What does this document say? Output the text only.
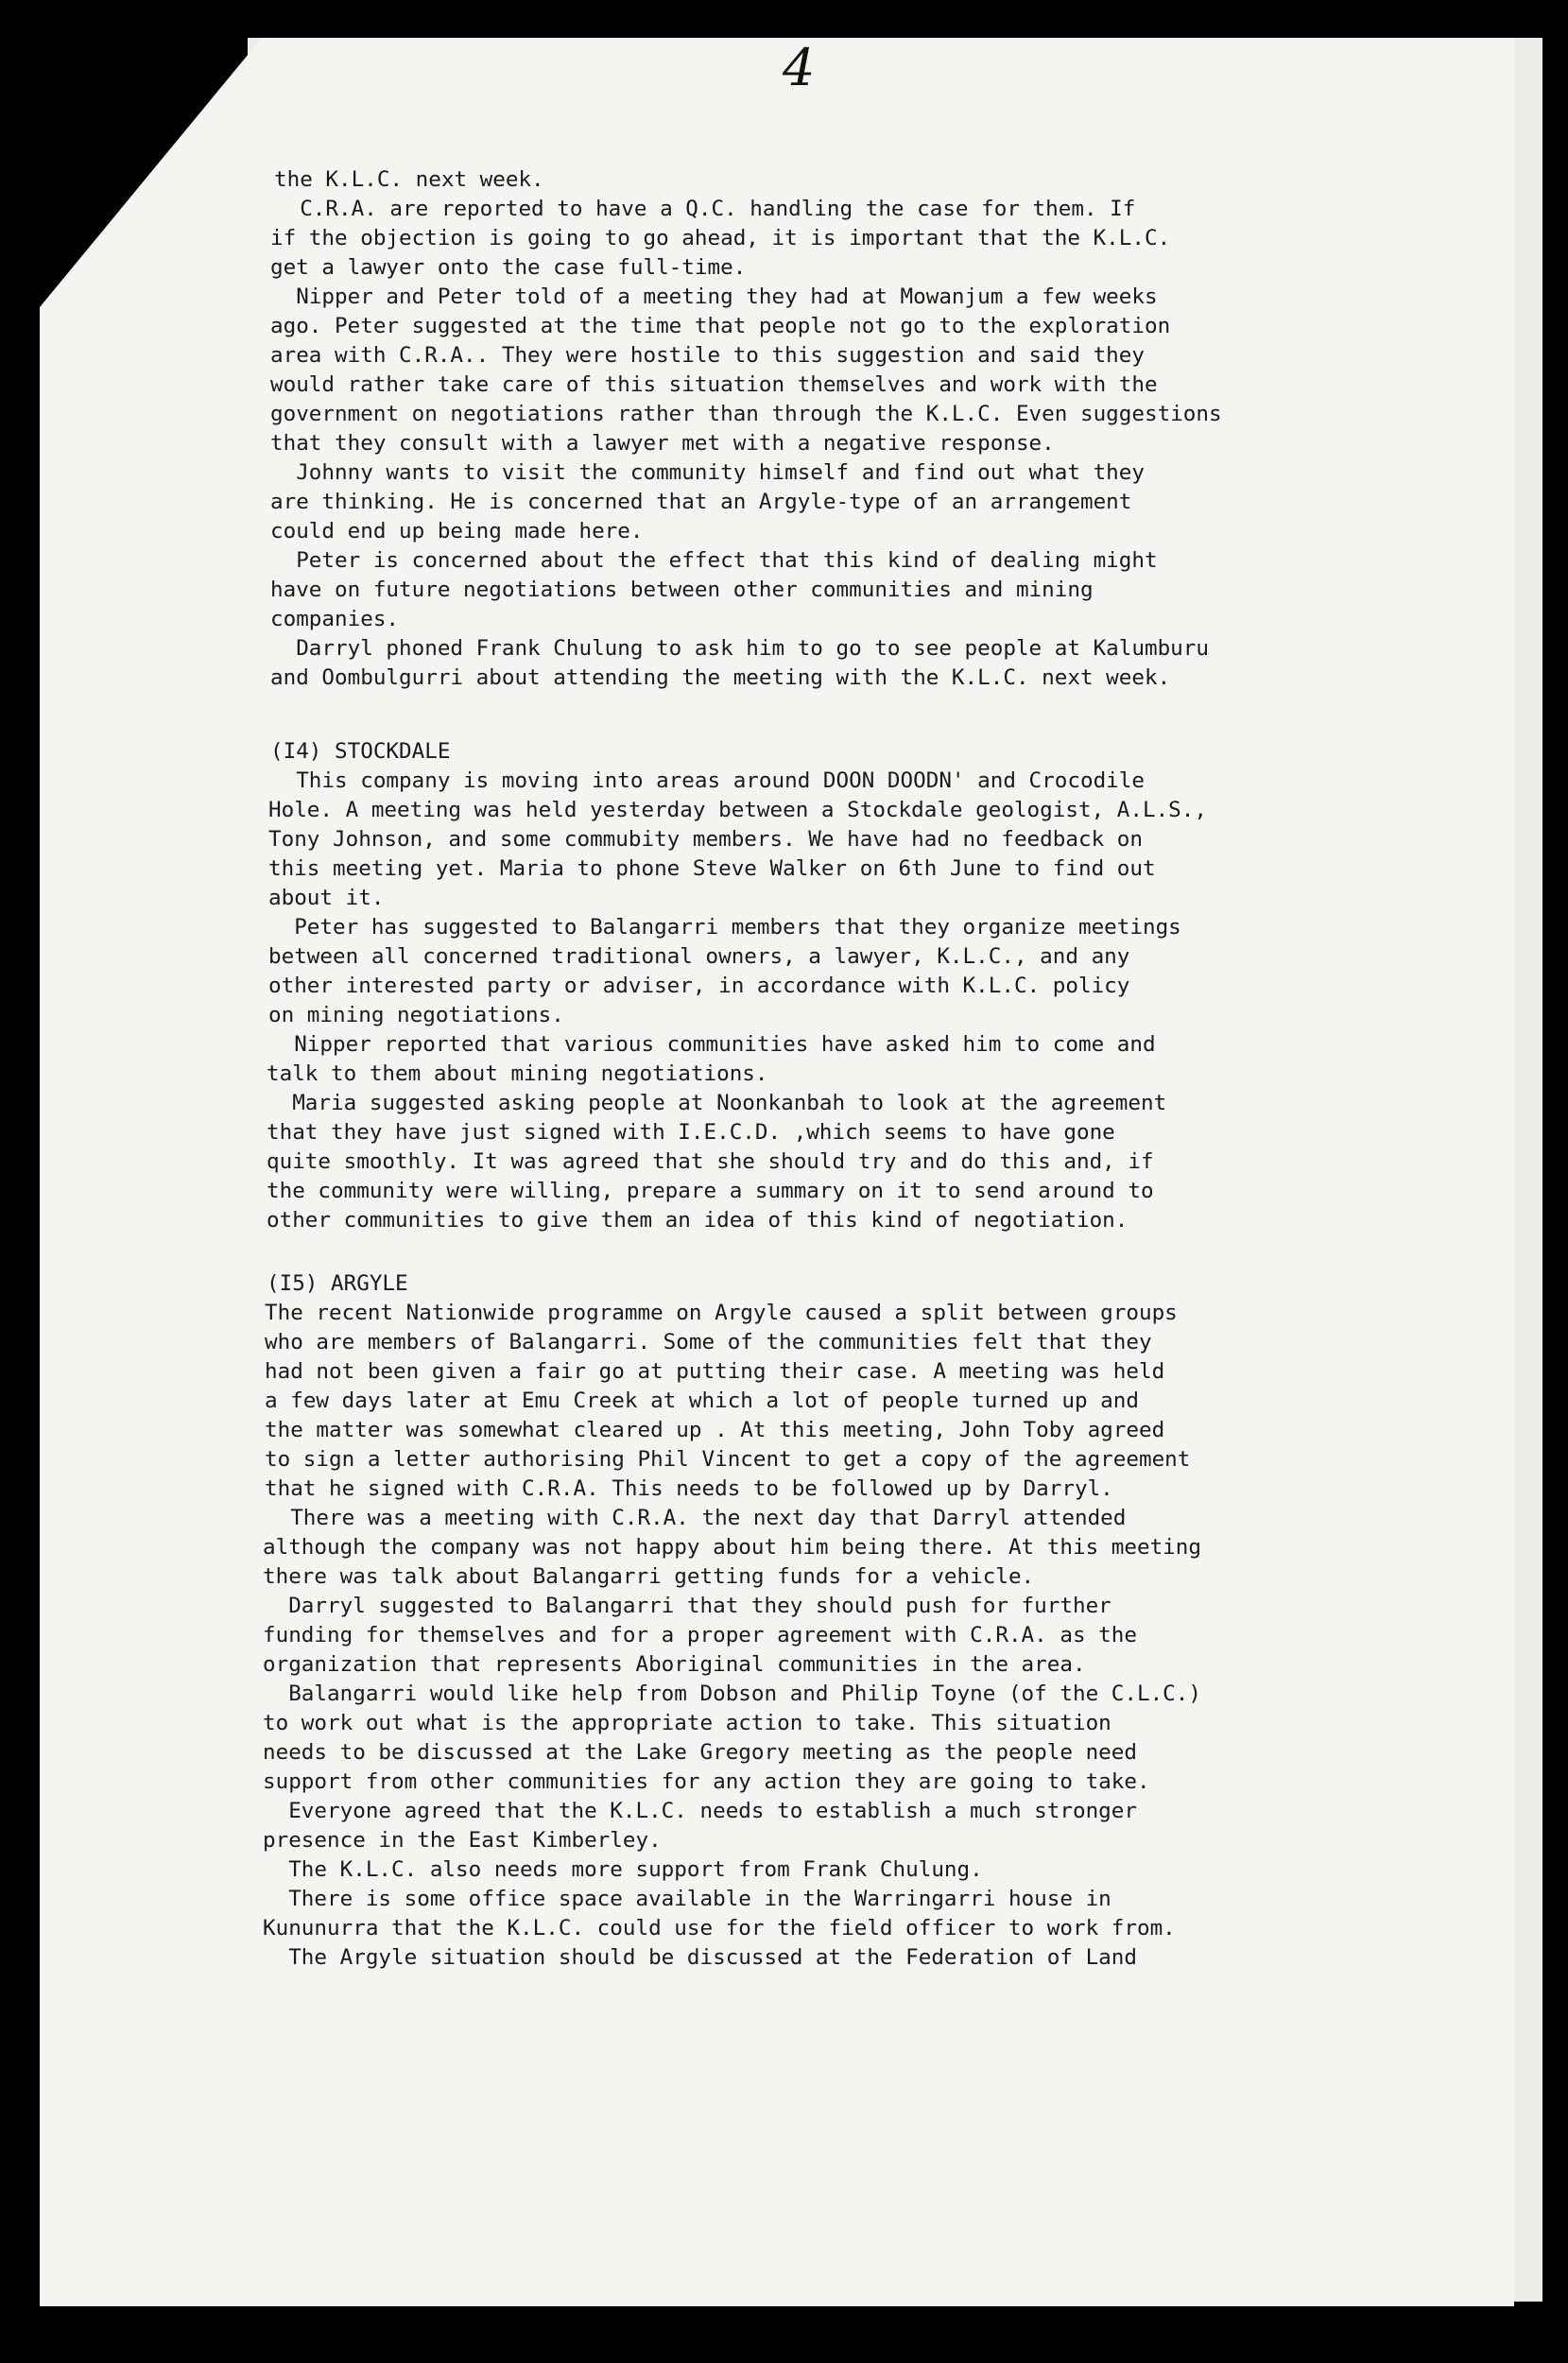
4

the K.L.C. next week.

C.R.A. are reported to have a Q.C. handling the case for them. If

if the objection is going to go ahead, it is important that the K.L.C.

get a lawyer onto the case full-time.

Nipper and Peter told of a meeting they had at Mowanjum a few weeks

ago. Peter suggested at the time that people not go to the exploration

area with C.R.A.. They were hostile to this suggestion and said they

would rather take care of this situation themselves and work with the

government on negotiations rather than through the K.L.C. Even suggestions

that they consult with a lawyer met with a negative response.

Johnny wants to visit the community himself and find out what they

are thinking. He is concerned that an Argyle-type of an arrangement

could end up being made here.

Peter is concerned about the effect that this kind of dealing might

have on future negotiations between other communities and mining

companies.

Darryl phoned Frank Chulung to ask him to go to see people at Kalumburu

and Oombulgurri about attending the meeting with the K.L.C. next week.

(I4) STOCKDALE

This company is moving into areas around DOON DOODN' and Crocodile

Hole. A meeting was held yesterday between a Stockdale geologist, A.L.S.,

Tony Johnson, and some commubity members. We have had no feedback on

this meeting yet. Maria to phone Steve Walker on 6th June to find out

about it.

Peter has suggested to Balangarri members that they organize meetings

between all concerned traditional owners, a lawyer, K.L.C., and any

other interested party or adviser, in accordance with K.L.C. policy

on mining negotiations.

Nipper reported that various communities have asked him to come and

talk to them about mining negotiations.

Maria suggested asking people at Noonkanbah to look at the agreement

that they have just signed with I.E.C.D. ,which seems to have gone

quite smoothly. It was agreed that she should try and do this and, if

the community were willing, prepare a summary on it to send around to

other communities to give them an idea of this kind of negotiation.

(I5) ARGYLE

The recent Nationwide programme on Argyle caused a split between groups

who are members of Balangarri. Some of the communities felt that they

had not been given a fair go at putting their case. A meeting was held

a few days later at Emu Creek at which a lot of people turned up and

the matter was somewhat cleared up . At this meeting, John Toby agreed

to sign a letter authorising Phil Vincent to get a copy of the agreement

that he signed with C.R.A. This needs to be followed up by Darryl.

There was a meeting with C.R.A. the next day that Darryl attended

although the company was not happy about him being there. At this meeting

there was talk about Balangarri getting funds for a vehicle.

Darryl suggested to Balangarri that they should push for further

funding for themselves and for a proper agreement with C.R.A. as the

organization that represents Aboriginal communities in the area.

Balangarri would like help from Dobson and Philip Toyne (of the C.L.C.)

to work out what is the appropriate action to take. This situation

needs to be discussed at the Lake Gregory meeting as the people need

support from other communities for any action they are going to take.

Everyone agreed that the K.L.C. needs to establish a much stronger

presence in the East Kimberley.

The K.L.C. also needs more support from Frank Chulung.

There is some office space available in the Warringarri house in

Kununurra that the K.L.C. could use for the field officer to work from.

The Argyle situation should be discussed at the Federation of Land
